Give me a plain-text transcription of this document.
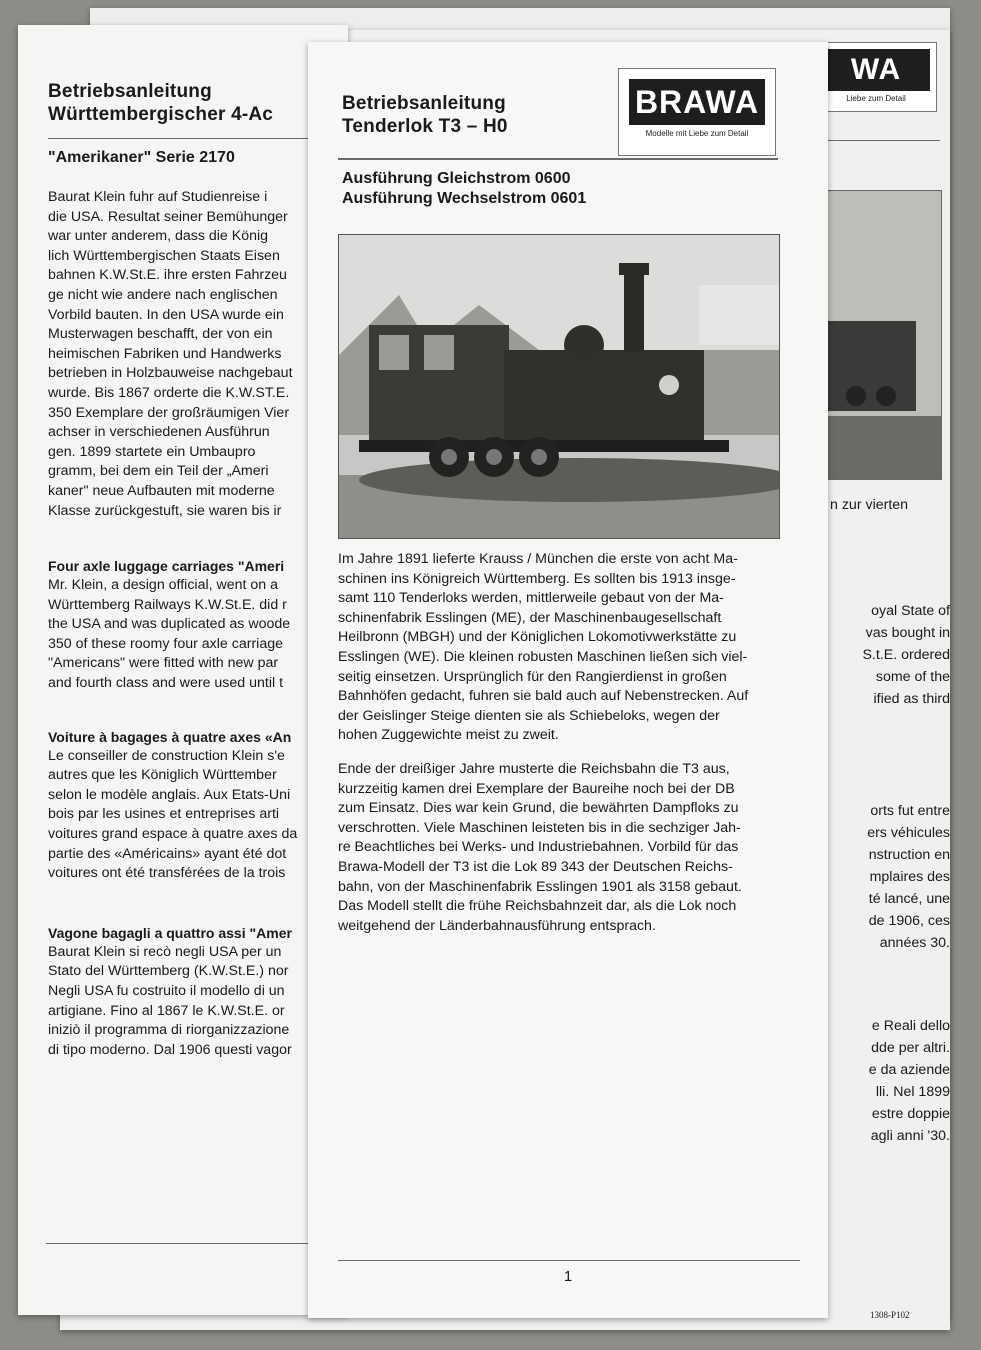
WA
Liebe zum Detail
n zur vierten
oyal State of
vas bought in
S.t.E. ordered
some of the
ified as third
orts fut entre
ers véhicules
nstruction en
mplaires des
té lancé, une
de 1906, ces
années 30.
e Reali dello
dde per altri.
e da aziende
lli. Nel 1899
estre doppie
agli anni '30.
1308-P102
Betriebsanleitung
Württembergischer 4-Ac
"Amerikaner" Serie 2170
Baurat Klein fuhr auf Studienreise i
die USA. Resultat seiner Bemühunger
war unter anderem, dass die König
lich Württembergischen Staats Eisen
bahnen K.W.St.E. ihre ersten Fahrzeu
ge nicht wie andere nach englischen
Vorbild bauten. In den USA wurde ein
Musterwagen beschafft, der von ein
heimischen Fabriken und Handwerks
betrieben in Holzbauweise nachgebaut
wurde. Bis 1867 orderte die K.W.ST.E.
350 Exemplare der großräumigen Vier
achser in verschiedenen Ausführun
gen. 1899 startete ein Umbaupro
gramm, bei dem ein Teil der „Ameri
kaner" neue Aufbauten mit moderne
Klasse zurückgestuft, sie waren bis ir
Four axle luggage carriages "Ameri
Mr. Klein, a design official, went on a
Württemberg Railways K.W.St.E. did r
the USA and was duplicated as woode
350 of these roomy four axle carriage
"Americans" were fitted with new par
and fourth class and were used until t
Voiture à bagages à quatre axes «An
Le conseiller de construction Klein s'e
autres que les Königlich Württember
selon le modèle anglais. Aux Etats-Uni
bois par les usines et entreprises arti
voitures grand espace à quatre axes da
partie des «Américains» ayant été dot
voitures ont été transférées de la trois
Vagone bagagli a quattro assi "Amer
Baurat Klein si recò negli USA per un
Stato del Württemberg (K.W.St.E.) nor
Negli USA fu costruito il modello di un
artigiane. Fino al 1867 le K.W.St.E. or
iniziò il programma di riorganizzazione
di tipo moderno. Dal 1906 questi vagor
Betriebsanleitung
Tenderlok T3 – H0
BRAWA
Modelle mit Liebe zum Detail
Ausführung Gleichstrom 0600
Ausführung Wechselstrom 0601
Im Jahre 1891 lieferte Krauss / München die erste von acht Ma-
schinen ins Königreich Württemberg. Es sollten bis 1913 insge-
samt 110 Tenderloks werden, mittlerweile gebaut von der Ma-
schinenfabrik Esslingen (ME), der Maschinenbaugesellschaft
Heilbronn (MBGH) und der Königlichen Lokomotivwerkstätte zu
Esslingen (WE). Die kleinen robusten Maschinen ließen sich viel-
seitig einsetzen. Ursprünglich für den Rangierdienst in großen
Bahnhöfen gedacht, fuhren sie bald auch auf Nebenstrecken. Auf
der Geislinger Steige dienten sie als Schiebeloks, wegen der
hohen Zuggewichte meist zu zweit.
Ende der dreißiger Jahre musterte die Reichsbahn die T3 aus,
kurzzeitig kamen drei Exemplare der Baureihe noch bei der DB
zum Einsatz. Dies war kein Grund, die bewährten Dampfloks zu
verschrotten. Viele Maschinen leisteten bis in die sechziger Jah-
re Beachtliches bei Werks- und Industriebahnen. Vorbild für das
Brawa-Modell der T3 ist die Lok 89 343 der Deutschen Reichs-
bahn, von der Maschinenfabrik Esslingen 1901 als 3158 gebaut.
Das Modell stellt die frühe Reichsbahnzeit dar, als die Lok noch
weitgehend der Länderbahnausführung entsprach.
1
